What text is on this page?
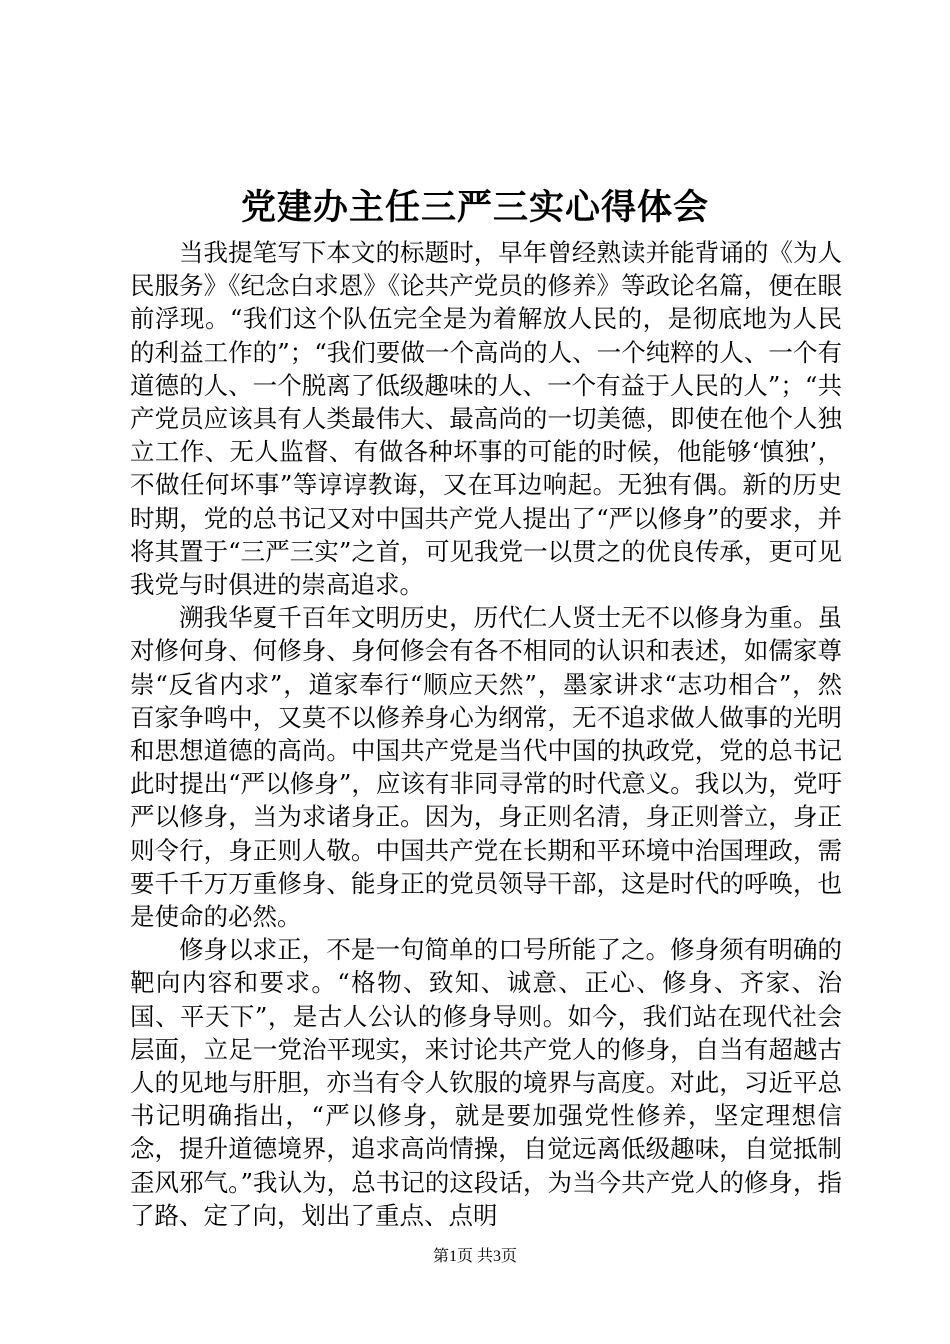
党建办主任三严三实心得体会

当我提笔写下本文的标题时，早年曾经熟读并能背诵的《为人民服务》《纪念白求恩》《论共产党员的修养》等政论名篇，便在眼前浮现。“我们这个队伍完全是为着解放人民的，是彻底地为人民的利益工作的”；“我们要做一个高尚的人、一个纯粹的人、一个有道德的人、一个脱离了低级趣味的人、一个有益于人民的人”；“共产党员应该具有人类最伟大、最高尚的一切美德，即使在他个人独立工作、无人监督、有做各种坏事的可能的时候，他能够‘慎独’，不做任何坏事”等谆谆教诲，又在耳边响起。无独有偶。新的历史时期，党的总书记又对中国共产党人提出了“严以修身”的要求，并将其置于“三严三实”之首，可见我党一以贯之的优良传承，更可见我党与时俱进的崇高追求。

溯我华夏千百年文明历史，历代仁人贤士无不以修身为重。虽对修何身、何修身、身何修会有各不相同的认识和表述，如儒家尊崇“反省内求”，道家奉行“顺应天然”，墨家讲求“志功相合”，然百家争鸣中，又莫不以修养身心为纲常，无不追求做人做事的光明和思想道德的高尚。中国共产党是当代中国的执政党，党的总书记此时提出“严以修身”，应该有非同寻常的时代意义。我以为，党吁严以修身，当为求诸身正。因为，身正则名清，身正则誉立，身正则令行，身正则人敬。中国共产党在长期和平环境中治国理政，需要千千万万重修身、能身正的党员领导干部，这是时代的呼唤，也是使命的必然。

修身以求正，不是一句简单的口号所能了之。修身须有明确的靶向内容和要求。“格物、致知、诚意、正心、修身、齐家、治国、平天下”，是古人公认的修身导则。如今，我们站在现代社会层面，立足一党治平现实，来讨论共产党人的修身，自当有超越古人的见地与肝胆，亦当有令人钦服的境界与高度。对此，习近平总书记明确指出，“严以修身，就是要加强党性修养，坚定理想信念，提升道德境界，追求高尚情操，自觉远离低级趣味，自觉抵制歪风邪气。”我认为，总书记的这段话，为当今共产党人的修身，指了路、定了向，划出了重点、点明

第1页 共3页
